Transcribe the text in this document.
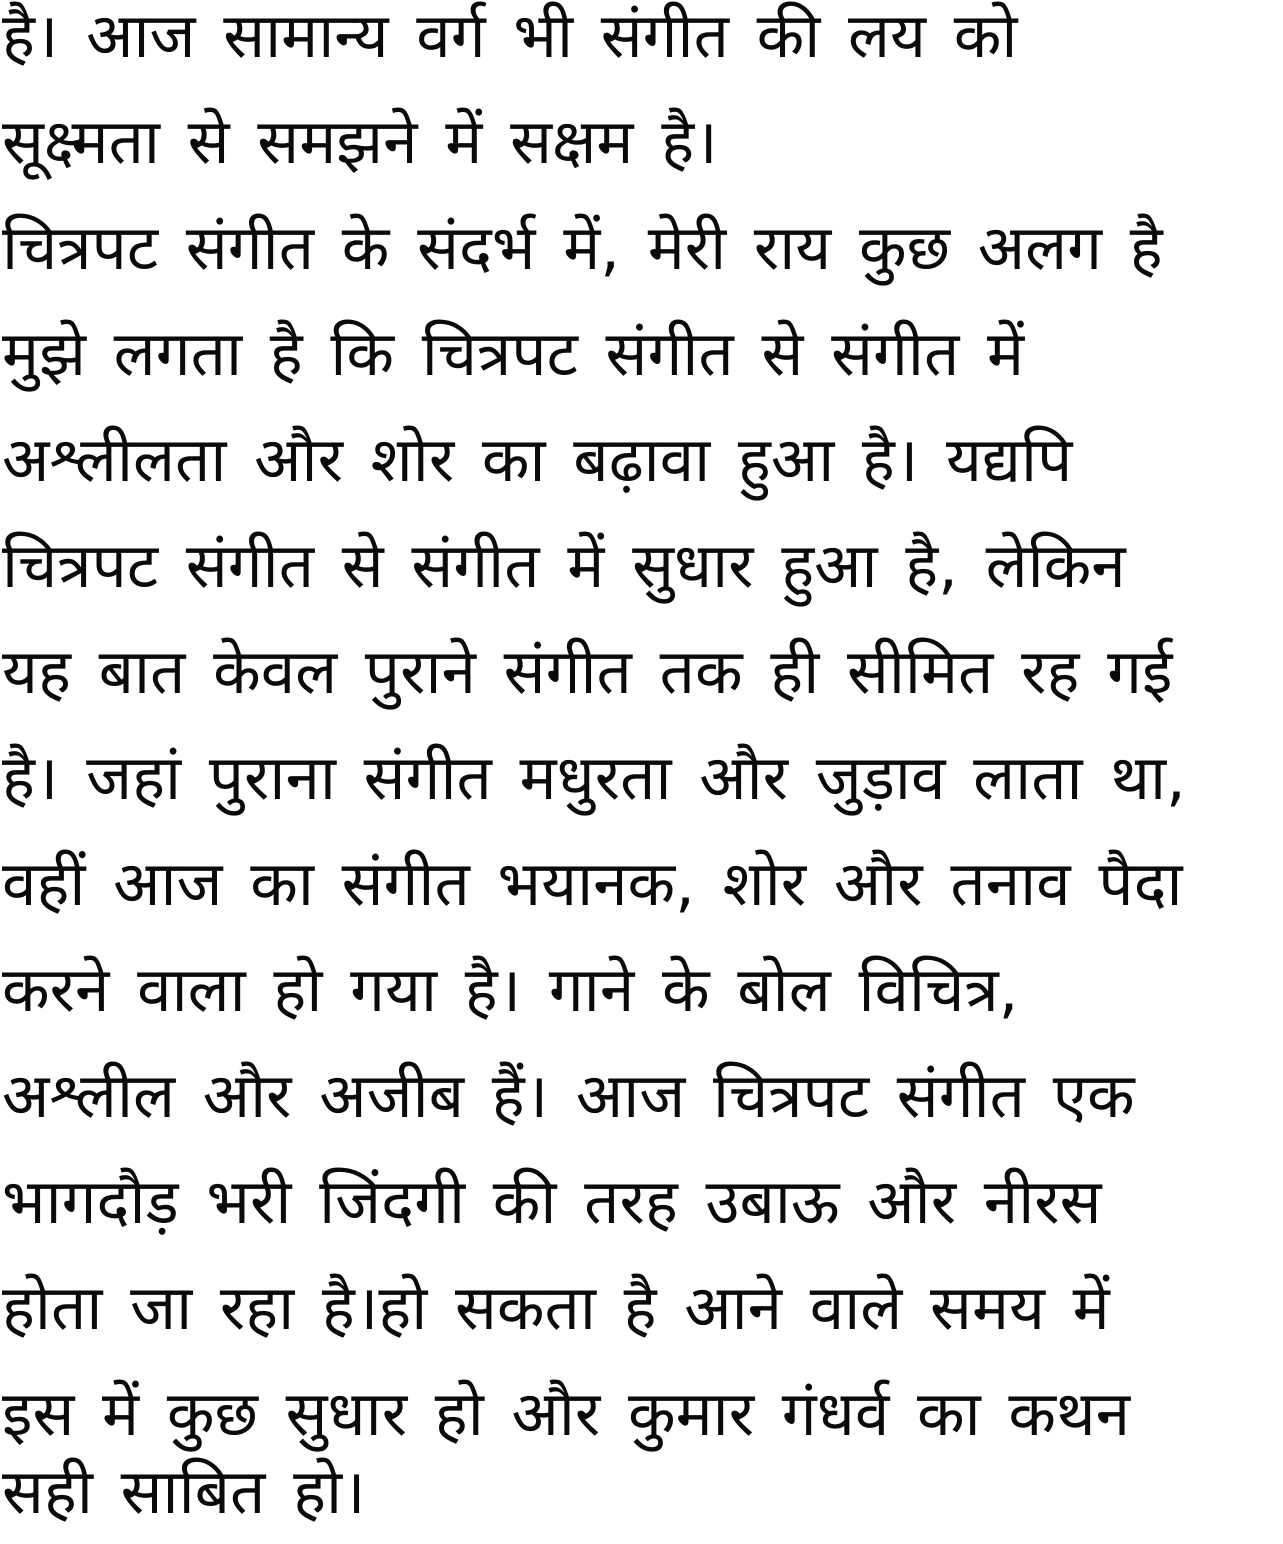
है। आज सामान्य वर्ग भी संगीत की लय को

सूक्ष्मता से समझने में सक्षम है।

चित्रपट संगीत के संदर्भ में, मेरी राय कुछ अलग है

मुझे लगता है कि चित्रपट संगीत से संगीत में

अश्लीलता और शोर का बढ़ावा हुआ है। यद्यपि

चित्रपट संगीत से संगीत में सुधार हुआ है, लेकिन

यह बात केवल पुराने संगीत तक ही सीमित रह गई

है। जहां पुराना संगीत मधुरता और जुड़ाव लाता था,

वहीं आज का संगीत भयानक, शोर और तनाव पैदा

करने वाला हो गया है। गाने के बोल विचित्र,

अश्लील और अजीब हैं। आज चित्रपट संगीत एक

भागदौड़ भरी जिंदगी की तरह उबाऊ और नीरस

होता जा रहा है।हो सकता है आने वाले समय में

इस में कुछ सुधार हो और कुमार गंधर्व का कथन

सही साबित हो।
